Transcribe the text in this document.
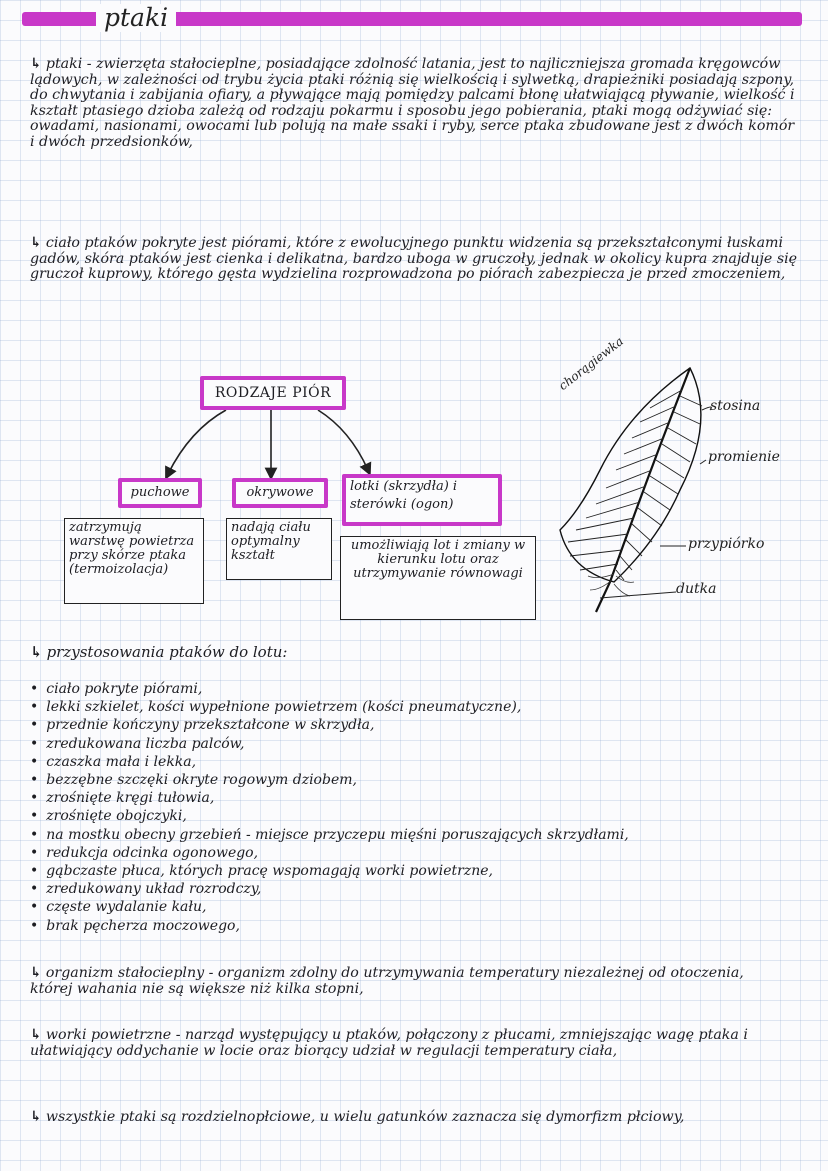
ptaki
↳ ptaki - zwierzęta stałocieplne, posiadające zdolność latania, jest to najliczniejsza gromada kręgowców lądowych, w zależności od trybu życia ptaki różnią się wielkością i sylwetką, drapieżniki posiadają szpony, do chwytania i zabijania ofiary, a pływające mają pomiędzy palcami błonę ułatwiającą pływanie, wielkość i kształt ptasiego dzioba zależą od rodzaju pokarmu i sposobu jego pobierania, ptaki mogą odżywiać się: owadami, nasionami, owocami lub polują na małe ssaki i ryby, serce ptaka zbudowane jest z dwóch komór i dwóch przedsionków,
↳ ciało ptaków pokryte jest piórami, które z ewolucyjnego punktu widzenia są przekształconymi łuskami gadów, skóra ptaków jest cienka i delikatna, bardzo uboga w gruczoły, jednak w okolicy kupra znajduje się gruczoł kuprowy, którego gęsta wydzielina rozprowadzona po piórach zabezpiecza je przed zmoczeniem,
RODZAJE PIÓR
puchowe	okrywowe	lotki (skrzydła) i sterówki (ogon)
zatrzymują warstwę powietrza przy skórze ptaka (termoizolacja)
nadają ciału optymalny kształt
umożliwiają lot i zmiany w kierunku lotu oraz utrzymywanie równowagi
chorągiewka
stosina
promienie
przypiórko
dutka
↳ przystosowania ptaków do lotu:
• ciało pokryte piórami,
• lekki szkielet, kości wypełnione powietrzem (kości pneumatyczne),
• przednie kończyny przekształcone w skrzydła,
• zredukowana liczba palców,
• czaszka mała i lekka,
• bezzębne szczęki okryte rogowym dziobem,
• zrośnięte kręgi tułowia,
• zrośnięte obojczyki,
• na mostku obecny grzebień - miejsce przyczepu mięśni poruszających skrzydłami,
• redukcja odcinka ogonowego,
• gąbczaste płuca, których pracę wspomagają worki powietrzne,
• zredukowany układ rozrodczy,
• częste wydalanie kału,
• brak pęcherza moczowego,
↳ organizm stałocieplny - organizm zdolny do utrzymywania temperatury niezależnej od otoczenia, której wahania nie są większe niż kilka stopni,
↳ worki powietrzne - narząd występujący u ptaków, połączony z płucami, zmniejszając wagę ptaka i ułatwiający oddychanie w locie oraz biorący udział w regulacji temperatury ciała,
↳ wszystkie ptaki są rozdzielnopłciowe, u wielu gatunków zaznacza się dymorfizm płciowy,
